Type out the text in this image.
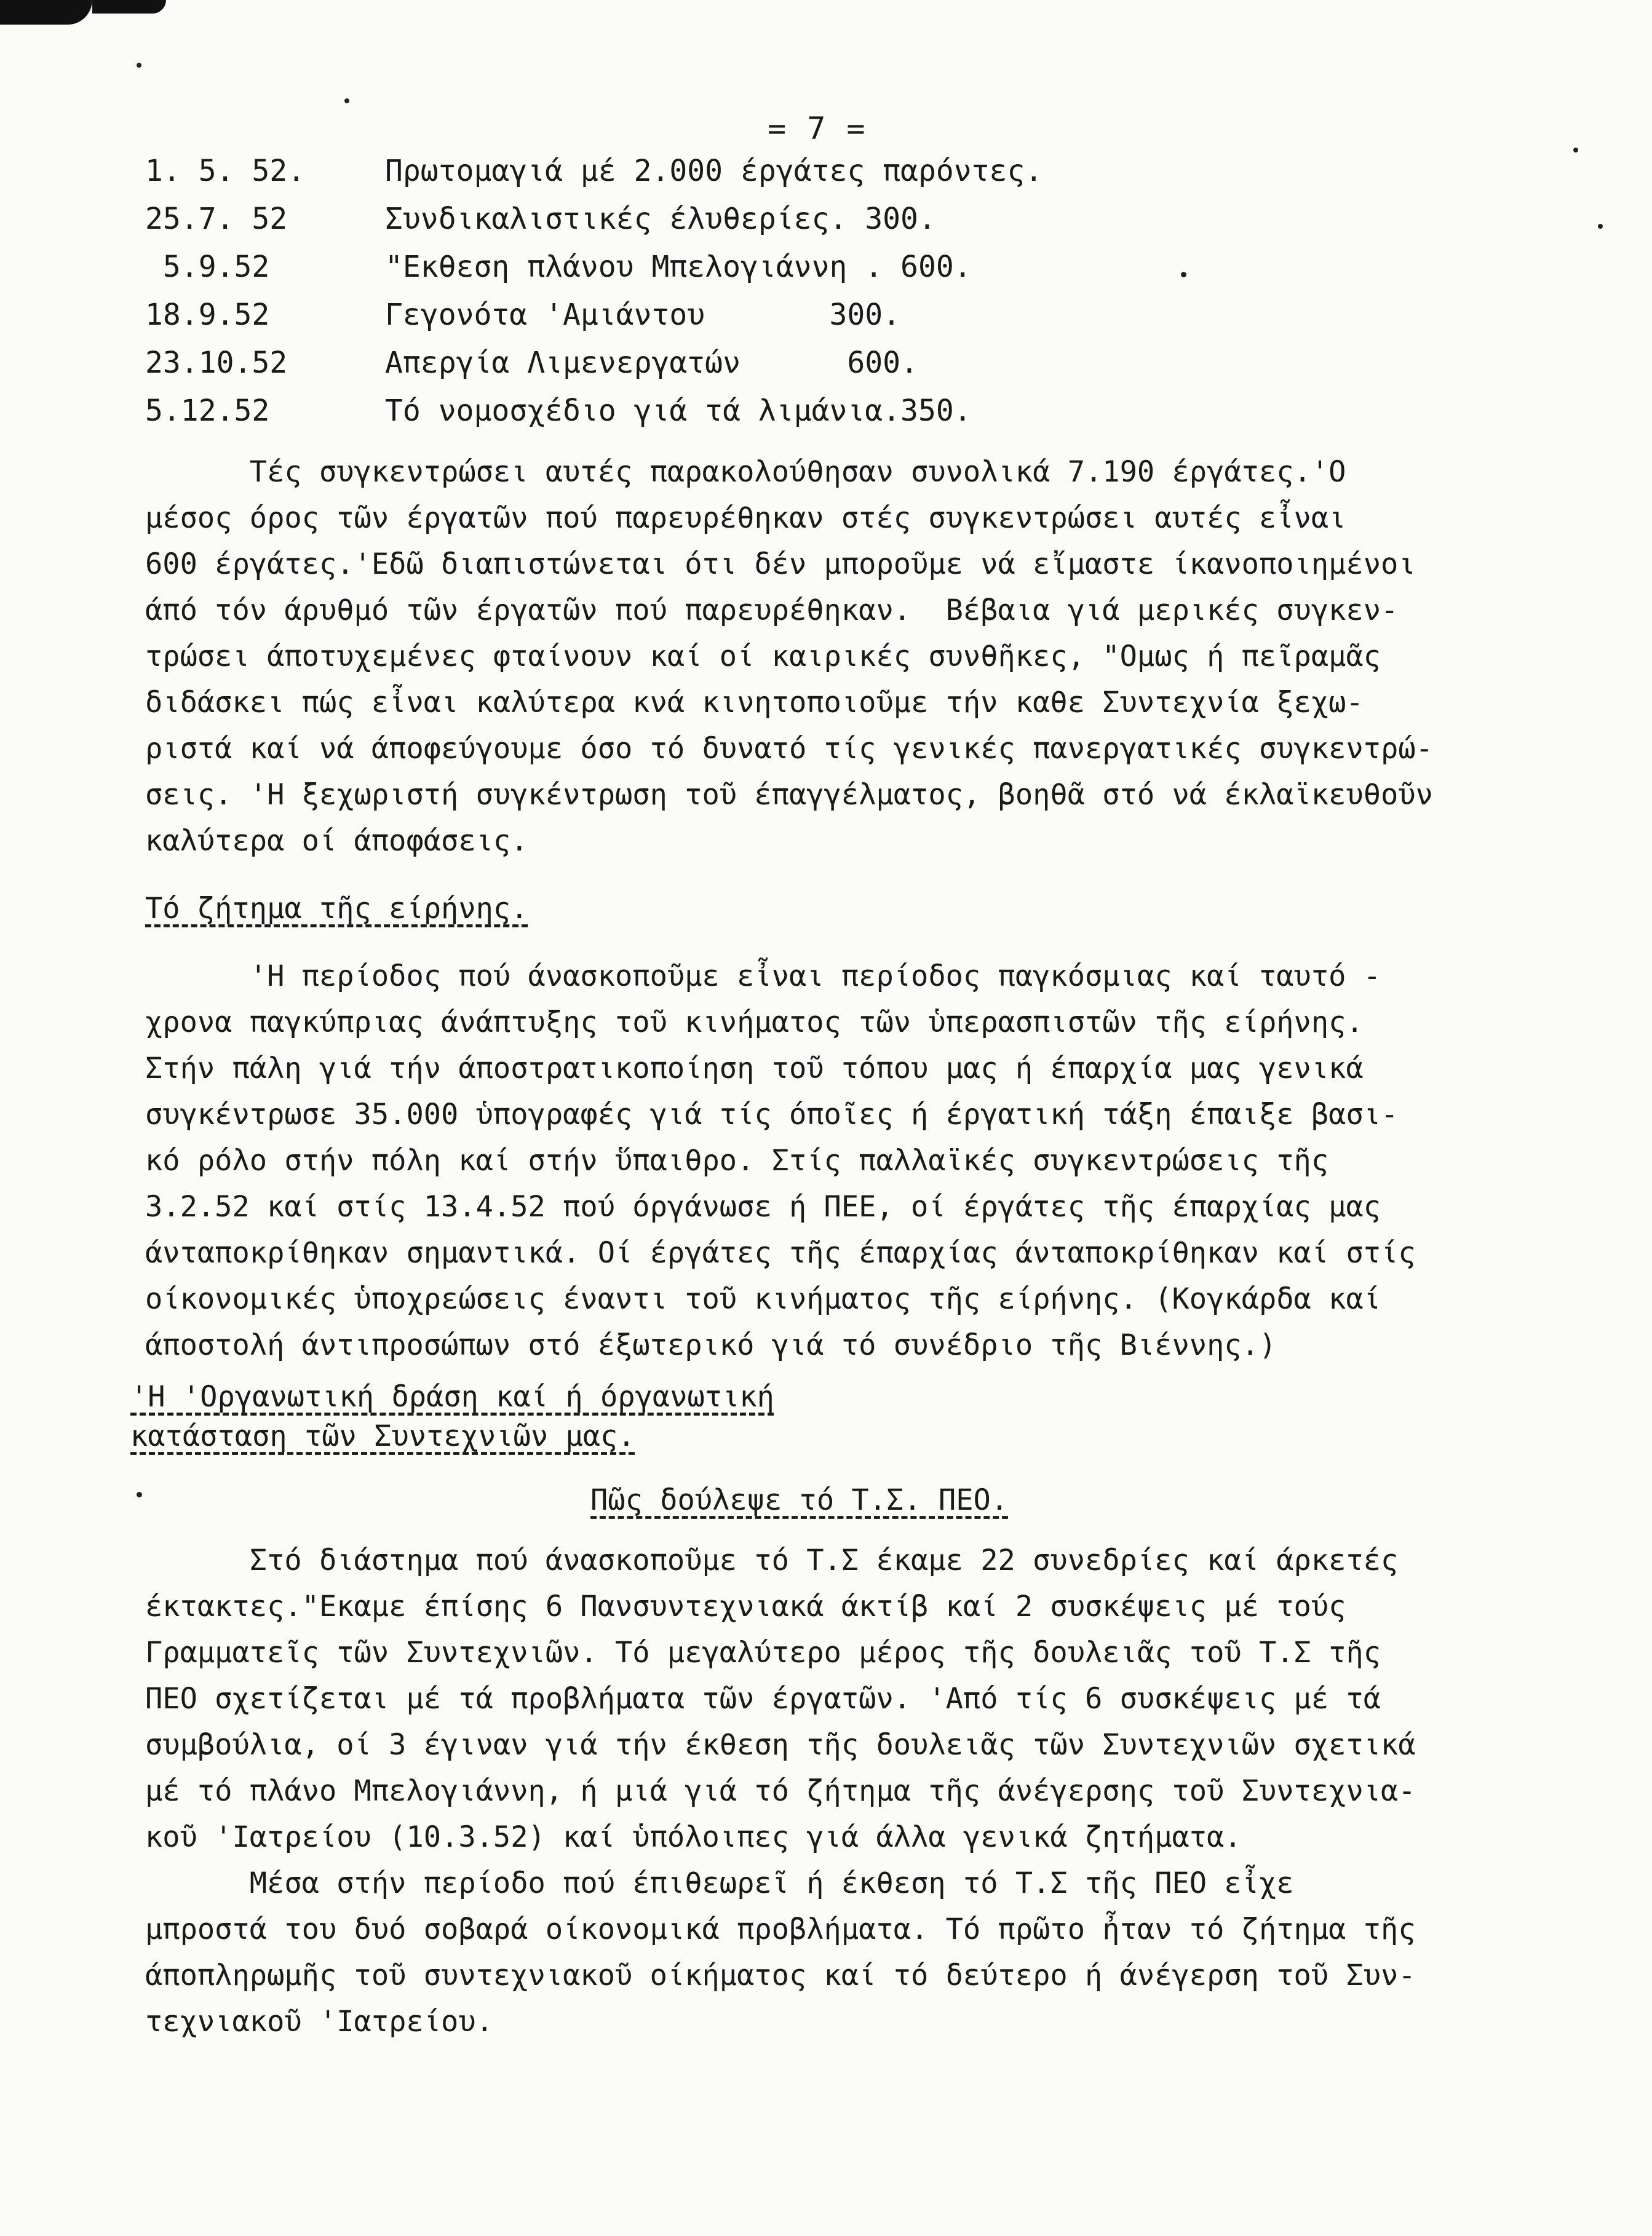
= 7 =
1. 5. 52.	Πρωτομαγιά μέ 2.000 έργάτες παρόντες.
25.7. 52	Συνδικαλιστικές έλυθερίες. 300.
5.9.52	"Εκθεση πλάνου Μπελογιάννη . 600.
18.9.52	Γεγονότα 'Αμιάντου       300.
23.10.52	Απεργία Λιμενεργατών      600.
5.12.52	Τό νομοσχέδιο γιά τά λιμάνια.350.
Τές συγκεντρώσει αυτές παρακολούθησαν συνολικά 7.190 έργάτες.'Ο
μέσος όρος τῶν έργατῶν πού παρευρέθηκαν στές συγκεντρώσει αυτές εἶναι
600 έργάτες.'Εδῶ διαπιστώνεται ότι δέν μποροῦμε νά εἴμαστε ίκανοποιημένοι
άπό τόν άρυθμό τῶν έργατῶν πού παρευρέθηκαν.  Βέβαια γιά μερικές συγκεν-
τρώσει άποτυχεμένες φταίνουν καί οί καιρικές συνθῆκες, "Ομως ή πεῖραμᾶς
διδάσκει πώς εἶναι καλύτερα κνά κινητοποιοῦμε τήν καθε Συντεχνία ξεχω-
ριστά καί νά άποφεύγουμε όσο τό δυνατό τίς γενικές πανεργατικές συγκεντρώ-
σεις. 'Η ξεχωριστή συγκέντρωση τοῦ έπαγγέλματος, βοηθᾶ στό νά έκλαϊκευθοῦν
καλύτερα οί άποφάσεις.
Τό ζήτημα τῆς είρήνης.
'Η περίοδος πού άνασκοποῦμε εἶναι περίοδος παγκόσμιας καί ταυτό -
χρονα παγκύπριας άνάπτυξης τοῦ κινήματος τῶν ὑπερασπιστῶν τῆς είρήνης.
Στήν πάλη γιά τήν άποστρατικοποίηση τοῦ τόπου μας ή έπαρχία μας γενικά
συγκέντρωσε 35.000 ὑπογραφές γιά τίς όποῖες ή έργατική τάξη έπαιξε βασι-
κό ρόλο στήν πόλη καί στήν ὕπαιθρο. Στίς παλλαϊκές συγκεντρώσεις τῆς
3.2.52 καί στίς 13.4.52 πού όργάνωσε ή ΠΕΕ, οί έργάτες τῆς έπαρχίας μας
άνταποκρίθηκαν σημαντικά. Οί έργάτες τῆς έπαρχίας άνταποκρίθηκαν καί στίς
οίκονομικές ὑποχρεώσεις έναντι τοῦ κινήματος τῆς είρήνης. (Κογκάρδα καί
άποστολή άντιπροσώπων στό έξωτερικό γιά τό συνέδριο τῆς Βιέννης.)
'Η 'Οργανωτική δράση καί ή όργανωτική
κατάσταση τῶν Συντεχνιῶν μας.
Πῶς δούλεψε τό Τ.Σ. ΠΕΟ.
Στό διάστημα πού άνασκοποῦμε τό Τ.Σ έκαμε 22 συνεδρίες καί άρκετές
έκτακτες."Εκαμε έπίσης 6 Πανσυντεχνιακά άκτίβ καί 2 συσκέψεις μέ τούς
Γραμματεῖς τῶν Συντεχνιῶν. Τό μεγαλύτερο μέρος τῆς δουλειᾶς τοῦ Τ.Σ τῆς
ΠΕΟ σχετίζεται μέ τά προβλήματα τῶν έργατῶν. 'Από τίς 6 συσκέψεις μέ τά
συμβούλια, οί 3 έγιναν γιά τήν έκθεση τῆς δουλειᾶς τῶν Συντεχνιῶν σχετικά
μέ τό πλάνο Μπελογιάννη, ή μιά γιά τό ζήτημα τῆς άνέγερσης τοῦ Συντεχνια-
κοῦ 'Ιατρείου (10.3.52) καί ὑπόλοιπες γιά άλλα γενικά ζητήματα.
Μέσα στήν περίοδο πού έπιθεωρεῖ ή έκθεση τό Τ.Σ τῆς ΠΕΟ εἶχε
μπροστά του δυό σοβαρά οίκονομικά προβλήματα. Τό πρῶτο ἦταν τό ζήτημα τῆς
άποπληρωμῆς τοῦ συντεχνιακοῦ οίκήματος καί τό δεύτερο ή άνέγερση τοῦ Συν-
τεχνιακοῦ 'Ιατρείου.
